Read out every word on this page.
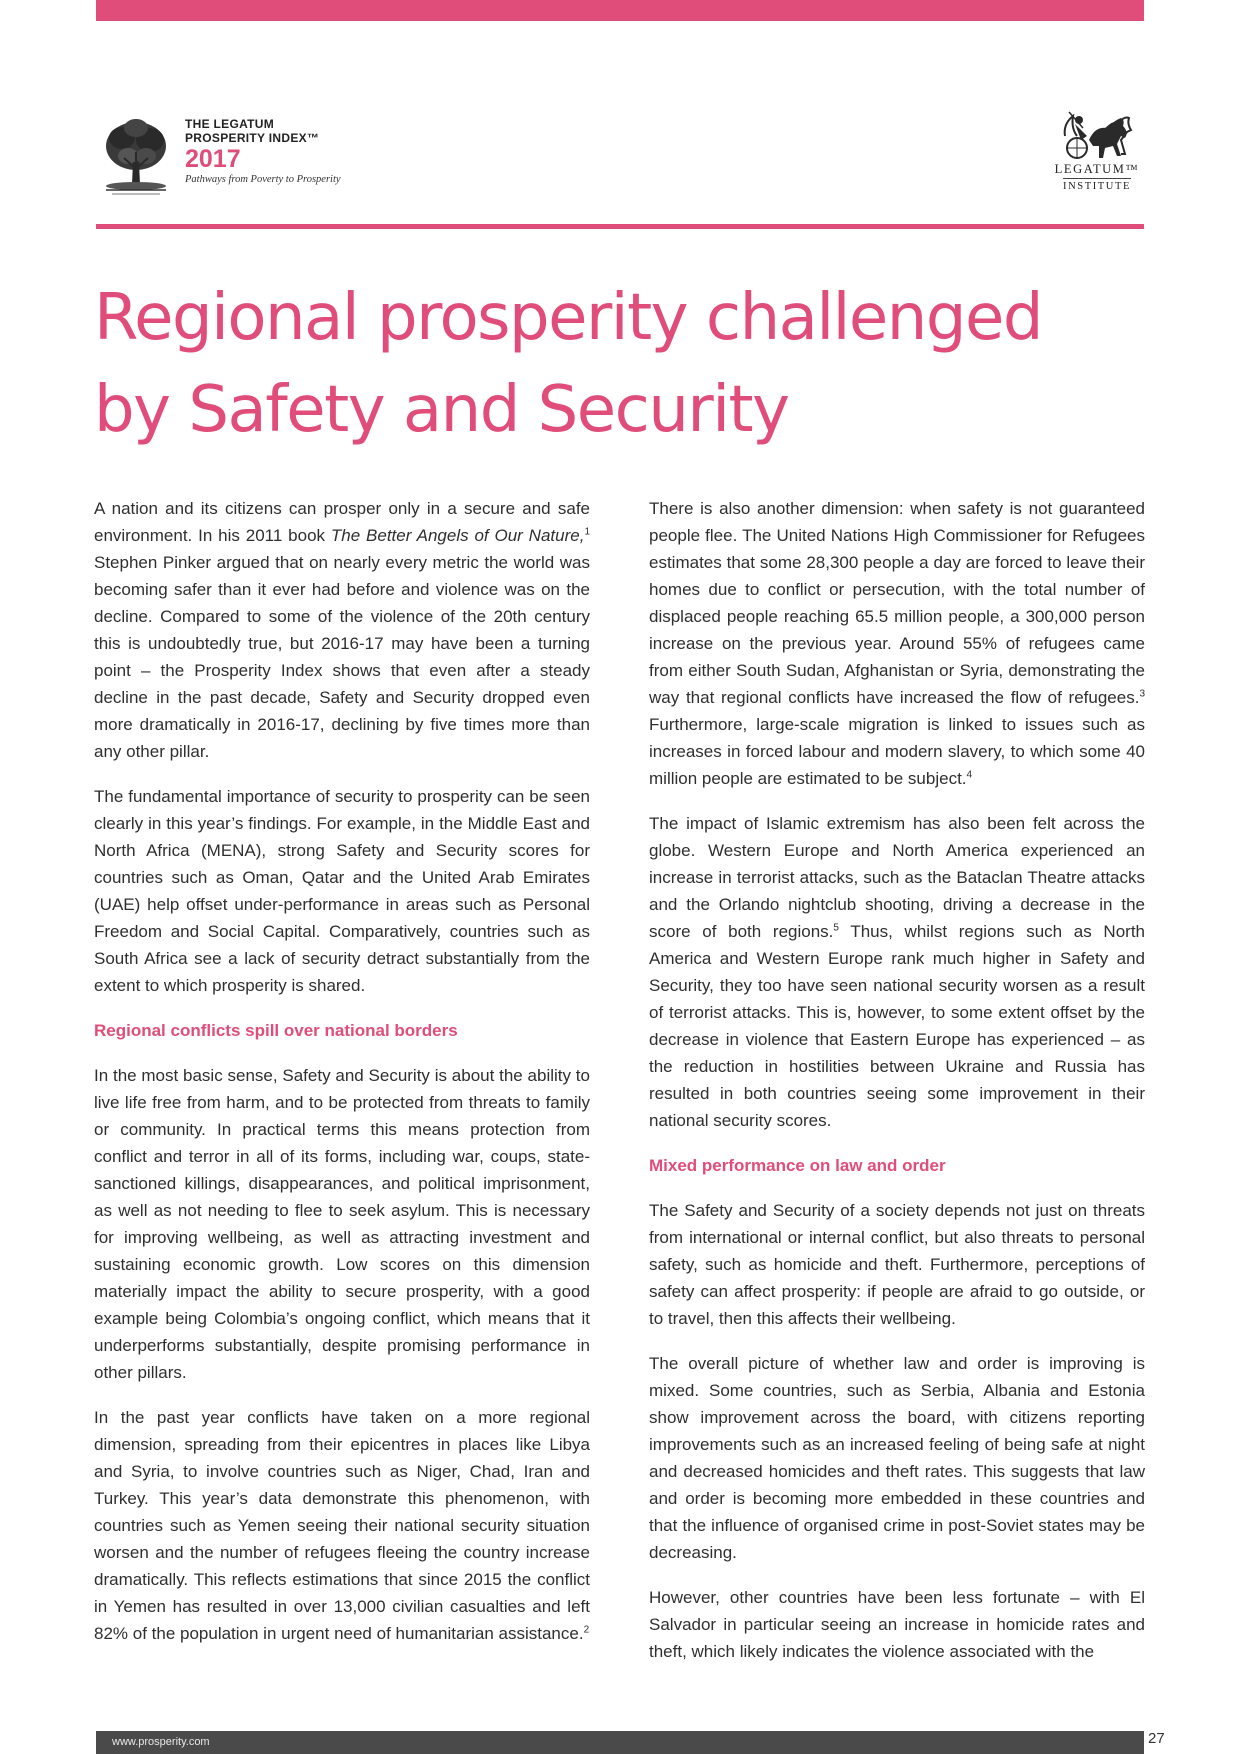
THE LEGATUM
PROSPERITY INDEX™
2017
Pathways from Poverty to Prosperity
LEGATUM™
INSTITUTE
Regional prosperity challenged
by Safety and Security

A nation and its citizens can prosper only in a secure and safe environment. In his 2011 book The Better Angels of Our Nature,$^1$ Stephen Pinker argued that on nearly every metric the world was becoming safer than it ever had before and violence was on the decline. Compared to some of the violence of the 20th century this is undoubtedly true, but 2016-17 may have been a turning point – the Prosperity Index shows that even after a steady decline in the past decade, Safety and Security dropped even more dramatically in 2016-17, declining by five times more than any other pillar.

The fundamental importance of security to prosperity can be seen clearly in this year’s findings. For example, in the Middle East and North Africa (MENA), strong Safety and Security scores for countries such as Oman, Qatar and the United Arab Emirates (UAE) help offset under-performance in areas such as Personal Freedom and Social Capital. Comparatively, countries such as South Africa see a lack of security detract substantially from the extent to which prosperity is shared.

Regional conflicts spill over national borders

In the most basic sense, Safety and Security is about the ability to live life free from harm, and to be protected from threats to family or community. In practical terms this means protection from conflict and terror in all of its forms, including war, coups, state-sanctioned killings, disappearances, and political imprisonment, as well as not needing to flee to seek asylum. This is necessary for improving wellbeing, as well as attracting investment and sustaining economic growth. Low scores on this dimension materially impact the ability to secure prosperity, with a good example being Colombia’s ongoing conflict, which means that it underperforms substantially, despite promising performance in other pillars.

In the past year conflicts have taken on a more regional dimension, spreading from their epicentres in places like Libya and Syria, to involve countries such as Niger, Chad, Iran and Turkey. This year’s data demonstrate this phenomenon, with countries such as Yemen seeing their national security situation worsen and the number of refugees fleeing the country increase dramatically. This reflects estimations that since 2015 the conflict in Yemen has resulted in over 13,000 civilian casualties and left 82% of the population in urgent need of humanitarian assistance.$^2$

There is also another dimension: when safety is not guaranteed people flee. The United Nations High Commissioner for Refugees estimates that some 28,300 people a day are forced to leave their homes due to conflict or persecution, with the total number of displaced people reaching 65.5 million people, a 300,000 person increase on the previous year. Around 55% of refugees came from either South Sudan, Afghanistan or Syria, demonstrating the way that regional conflicts have increased the flow of refugees.$^3$ Furthermore, large-scale migration is linked to issues such as increases in forced labour and modern slavery, to which some 40 million people are estimated to be subject.$^4$

The impact of Islamic extremism has also been felt across the globe. Western Europe and North America experienced an increase in terrorist attacks, such as the Bataclan Theatre attacks and the Orlando nightclub shooting, driving a decrease in the score of both regions.$^5$ Thus, whilst regions such as North America and Western Europe rank much higher in Safety and Security, they too have seen national security worsen as a result of terrorist attacks. This is, however, to some extent offset by the decrease in violence that Eastern Europe has experienced – as the reduction in hostilities between Ukraine and Russia has resulted in both countries seeing some improvement in their national security scores.

Mixed performance on law and order

The Safety and Security of a society depends not just on threats from international or internal conflict, but also threats to personal safety, such as homicide and theft. Furthermore, perceptions of safety can affect prosperity: if people are afraid to go outside, or to travel, then this affects their wellbeing.

The overall picture of whether law and order is improving is mixed. Some countries, such as Serbia, Albania and Estonia show improvement across the board, with citizens reporting improvements such as an increased feeling of being safe at night and decreased homicides and theft rates. This suggests that law and order is becoming more embedded in these countries and that the influence of organised crime in post-Soviet states may be decreasing.

However, other countries have been less fortunate – with El Salvador in particular seeing an increase in homicide rates and theft, which likely indicates the violence associated with the

www.prosperity.com	27
